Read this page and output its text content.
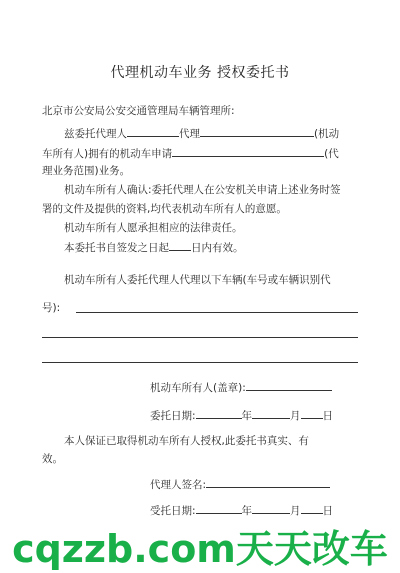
代理机动车业务 授权委托书
北京市公安局公安交通管理局车辆管理所:
兹委托代理人	代理	(机动
车所有人)拥有的机动车申请	(代
理业务范围)业务。
机动车所有人确认:委托代理人在公安机关申请上述业务时签
署的文件及提供的资料,均代表机动车所有人的意愿。
机动车所有人愿承担相应的法律责任。
本委托书自签发之日起 日内有效。
机动车所有人委托代理人代理以下车辆(车号或车辆识别代
号):
机动车所有人(盖章):
委托日期:	年	月 日
本人保证已取得机动车所有人授权,此委托书真实、有
效。
代理人签名:
受托日期:	年	月 日
cqzzb.com天天改车
